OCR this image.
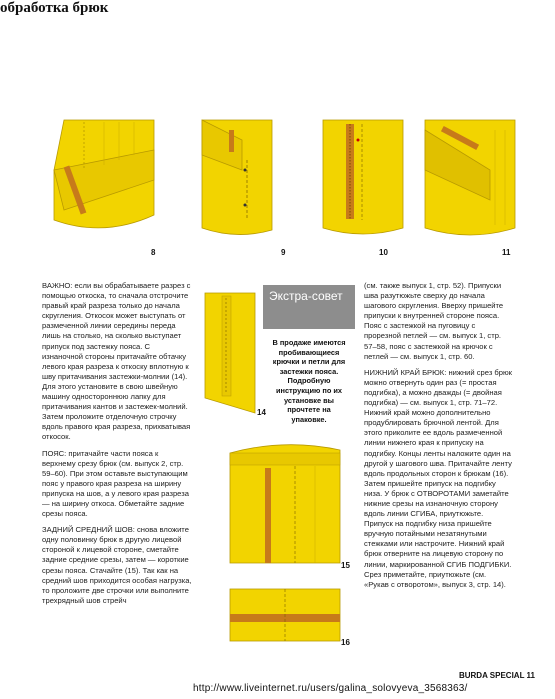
обработка брюк
8	9	10	11

ВАЖНО: если вы обрабатываете разрез с помощью откоска, то сначала отстрочите правый край разреза только до начала скругления. Откосок может выступать от размеченной линии середины переда лишь на столько, на сколько выступает припуск под застежку пояса. С изнаночной стороны притачайте обтачку левого края разреза к откоску вплотную к шву притачивания застежки-молнии (14). Для этого установите в свою швейную машину одностороннюю лапку для притачивания кантов и застежек-молний. Затем проложите отделочную строчку вдоль правого края разреза, прихватывая откосок.

ПОЯС: притачайте части пояса к верхнему срезу брюк (см. выпуск 2, стр. 59–60). При этом оставьте выступающим пояс у правого края разреза на ширину припуска на шов, а у левого края разреза — на ширину откоса. Обметайте задние срезы пояса.

ЗАДНИЙ СРЕДНИЙ ШОВ: снова вложите одну половинку брюк в другую лицевой стороной к лицевой стороне, сметайте задние средние срезы, затем — короткие срезы пояса. Стачайте (15). Так как на средний шов приходится особая нагрузка, то проложите две строчки или выполните трехрядный шов стрейч

14
Экстра-совет
В продаже имеются пробивающиеся крючки и петли для застежки пояса. Подробную инструкцию по их установке вы прочтете на упаковке.
15
16

(см. также выпуск 1, стр. 52). Припуски шва разутюжьте сверху до начала шагового скругления. Вверху пришейте припуски к внутренней стороне пояса. Пояс с застежкой на пуговицу с прорезной петлей — см. выпуск 1, стр. 57–58, пояс с застежкой на крючок с петлей — см. выпуск 1, стр. 60.

НИЖНИЙ КРАЙ БРЮК: нижний срез брюк можно отвернуть один раз (= простая подгибка), а можно дважды (= двойная подгибка) — см. выпуск 1, стр. 71–72. Нижний край можно дополнительно продублировать брючной лентой. Для этого приколите ее вдоль размеченной линии нижнего края к припуску на подгибку. Концы ленты наложите один на другой у шагового шва. Притачайте ленту вдоль продольных сторон к брюкам (16). Затем пришейте припуск на подгибку низа. У брюк с ОТВОРОТАМИ заметайте нижние срезы на изнаночную сторону вдоль линии СГИБА, приутюжьте. Припуск на подгибку низа пришейте вручную потайными незатянутыми стежками или настрочите. Нижний край брюк отверните на лицевую сторону по линии, маркированной СГИБ ПОДГИБКИ. Срез приметайте, приутюжьте (см. «Рукав с отворотом», выпуск 3, стр. 14).

BURDA SPECIAL 11
http://www.liveinternet.ru/users/galina_solovyeva_3568363/
